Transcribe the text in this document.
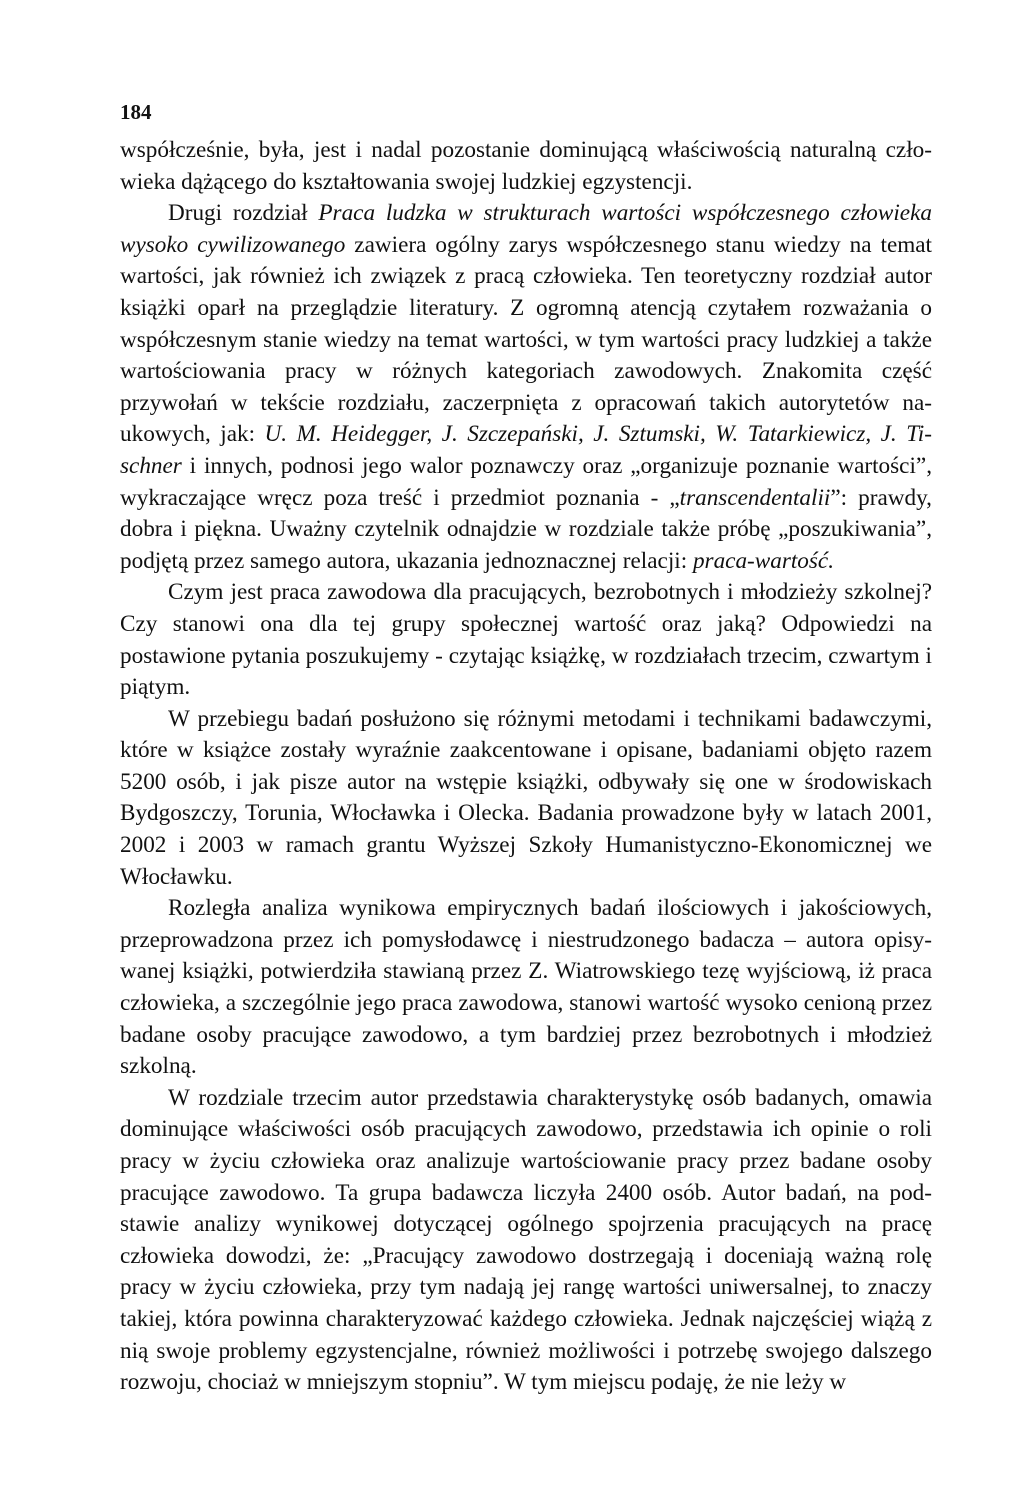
184

współcześnie, była, jest i nadal pozostanie dominującą właściwością naturalną człowieka dążącego do kształtowania swojej ludzkiej egzystencji.

Drugi rozdział Praca ludzka w strukturach wartości współczesnego człowieka wysoko cywilizowanego zawiera ogólny zarys współczesnego stanu wiedzy na temat wartości, jak również ich związek z pracą człowieka. Ten teoretyczny rozdział autor książki oparł na przeglądzie literatury. Z ogromną atencją czytałem rozważania o współczesnym stanie wiedzy na temat wartości, w tym wartości pracy ludzkiej a także wartościowania pracy w różnych kategoriach zawodowych. Znakomita część przywołań w tekście rozdziału, zaczerpnięta z opracowań takich autorytetów naukowych, jak: U. M. Heidegger, J. Szczepański, J. Sztumski, W. Tatarkiewicz, J. Tischner i innych, podnosi jego walor poznawczy oraz „organizuje poznanie wartości”, wykraczające wręcz poza treść i przedmiot poznania - „transcendentalii”: prawdy, dobra i piękna. Uważny czytelnik odnajdzie w rozdziale także próbę „poszukiwania”, podjętą przez samego autora, ukazania jednoznacznej relacji: praca-wartość.

Czym jest praca zawodowa dla pracujących, bezrobotnych i młodzieży szkolnej? Czy stanowi ona dla tej grupy społecznej wartość oraz jaką? Odpowiedzi na postawione pytania poszukujemy - czytając książkę, w rozdziałach trzecim, czwartym i piątym.

W przebiegu badań posłużono się różnymi metodami i technikami badawczymi, które w książce zostały wyraźnie zaakcentowane i opisane, badaniami objęto razem 5200 osób, i jak pisze autor na wstępie książki, odbywały się one w środowiskach Bydgoszczy, Torunia, Włocławka i Olecka. Badania prowadzone były w latach 2001, 2002 i 2003 w ramach grantu Wyższej Szkoły Humanistyczno-Ekonomicznej we Włocławku.

Rozległa analiza wynikowa empirycznych badań ilościowych i jakościowych, przeprowadzona przez ich pomysłodawcę i niestrudzonego badacza – autora opisywanej książki, potwierdziła stawianą przez Z. Wiatrowskiego tezę wyjściową, iż praca człowieka, a szczególnie jego praca zawodowa, stanowi wartość wysoko cenioną przez badane osoby pracujące zawodowo, a tym bardziej przez bezrobotnych i młodzież szkolną.

W rozdziale trzecim autor przedstawia charakterystykę osób badanych, omawia dominujące właściwości osób pracujących zawodowo, przedstawia ich opinie o roli pracy w życiu człowieka oraz analizuje wartościowanie pracy przez badane osoby pracujące zawodowo. Ta grupa badawcza liczyła 2400 osób. Autor badań, na podstawie analizy wynikowej dotyczącej ogólnego spojrzenia pracujących na pracę człowieka dowodzi, że: „Pracujący zawodowo dostrzegają i doceniają ważną rolę pracy w życiu człowieka, przy tym nadają jej rangę wartości uniwersalnej, to znaczy takiej, która powinna charakteryzować każdego człowieka. Jednak najczęściej wiążą z nią swoje problemy egzystencjalne, również możliwości i potrzebę swojego dalszego rozwoju, chociaż w mniejszym stopniu”. W tym miejscu podaję, że nie leży w
